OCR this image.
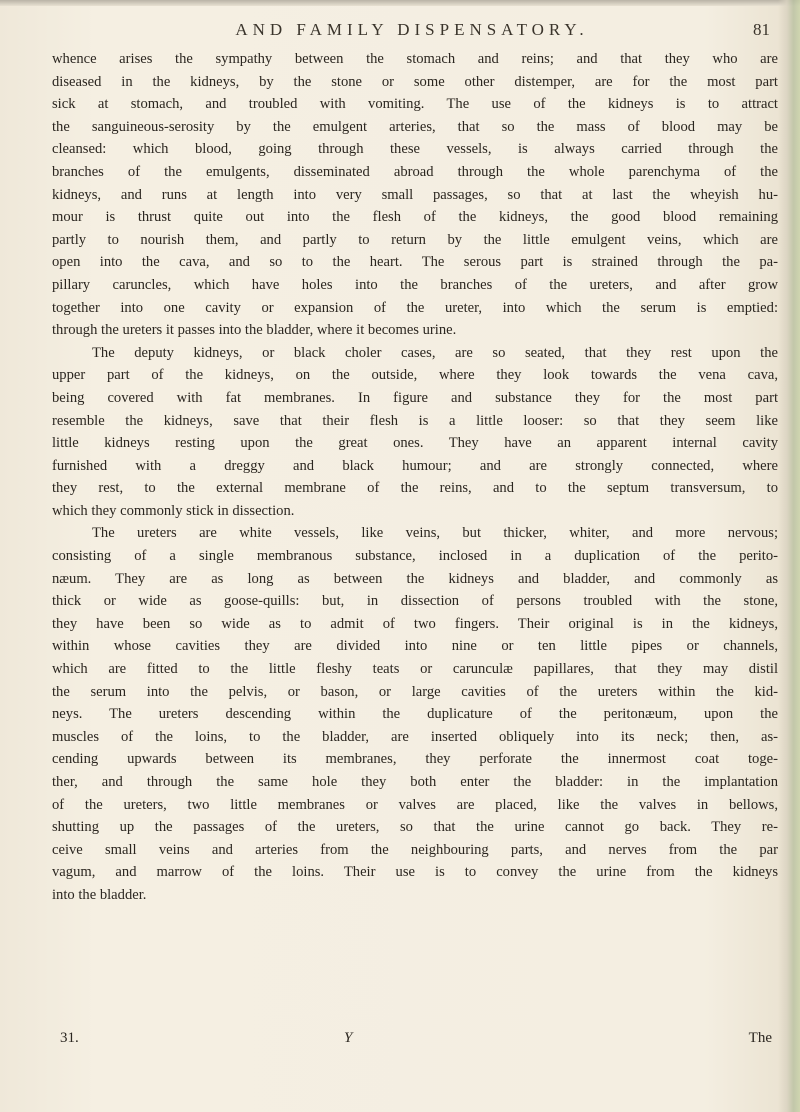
AND FAMILY DISPENSATORY.	81
whence arises the sympathy between the stomach and reins; and that they who are
diseased in the kidneys, by the stone or some other distemper, are for the most part
sick at stomach, and troubled with vomiting. The use of the kidneys is to attract
the sanguineous-serosity by the emulgent arteries, that so the mass of blood may be
cleansed: which blood, going through these vessels, is always carried through the
branches of the emulgents, disseminated abroad through the whole parenchyma of the
kidneys, and runs at length into very small passages, so that at last the wheyish hu-
mour is thrust quite out into the flesh of the kidneys, the good blood remaining
partly to nourish them, and partly to return by the little emulgent veins, which are
open into the cava, and so to the heart. The serous part is strained through the pa-
pillary caruncles, which have holes into the branches of the ureters, and after grow
together into one cavity or expansion of the ureter, into which the serum is emptied:
through the ureters it passes into the bladder, where it becomes urine.
The deputy kidneys, or black choler cases, are so seated, that they rest upon the
upper part of the kidneys, on the outside, where they look towards the vena cava,
being covered with fat membranes. In figure and substance they for the most part
resemble the kidneys, save that their flesh is a little looser: so that they seem like
little kidneys resting upon the great ones. They have an apparent internal cavity
furnished with a dreggy and black humour; and are strongly connected, where
they rest, to the external membrane of the reins, and to the septum transversum, to
which they commonly stick in dissection.
The ureters are white vessels, like veins, but thicker, whiter, and more nervous;
consisting of a single membranous substance, inclosed in a duplication of the perito-
næum. They are as long as between the kidneys and bladder, and commonly as
thick or wide as goose-quills: but, in dissection of persons troubled with the stone,
they have been so wide as to admit of two fingers. Their original is in the kidneys,
within whose cavities they are divided into nine or ten little pipes or channels,
which are fitted to the little fleshy teats or carunculæ papillares, that they may distil
the serum into the pelvis, or bason, or large cavities of the ureters within the kid-
neys. The ureters descending within the duplicature of the peritonæum, upon the
muscles of the loins, to the bladder, are inserted obliquely into its neck; then, as-
cending upwards between its membranes, they perforate the innermost coat toge-
ther, and through the same hole they both enter the bladder: in the implantation
of the ureters, two little membranes or valves are placed, like the valves in bellows,
shutting up the passages of the ureters, so that the urine cannot go back. They re-
ceive small veins and arteries from the neighbouring parts, and nerves from the par
vagum, and marrow of the loins. Their use is to convey the urine from the kidneys
into the bladder.
31.	Y	The
